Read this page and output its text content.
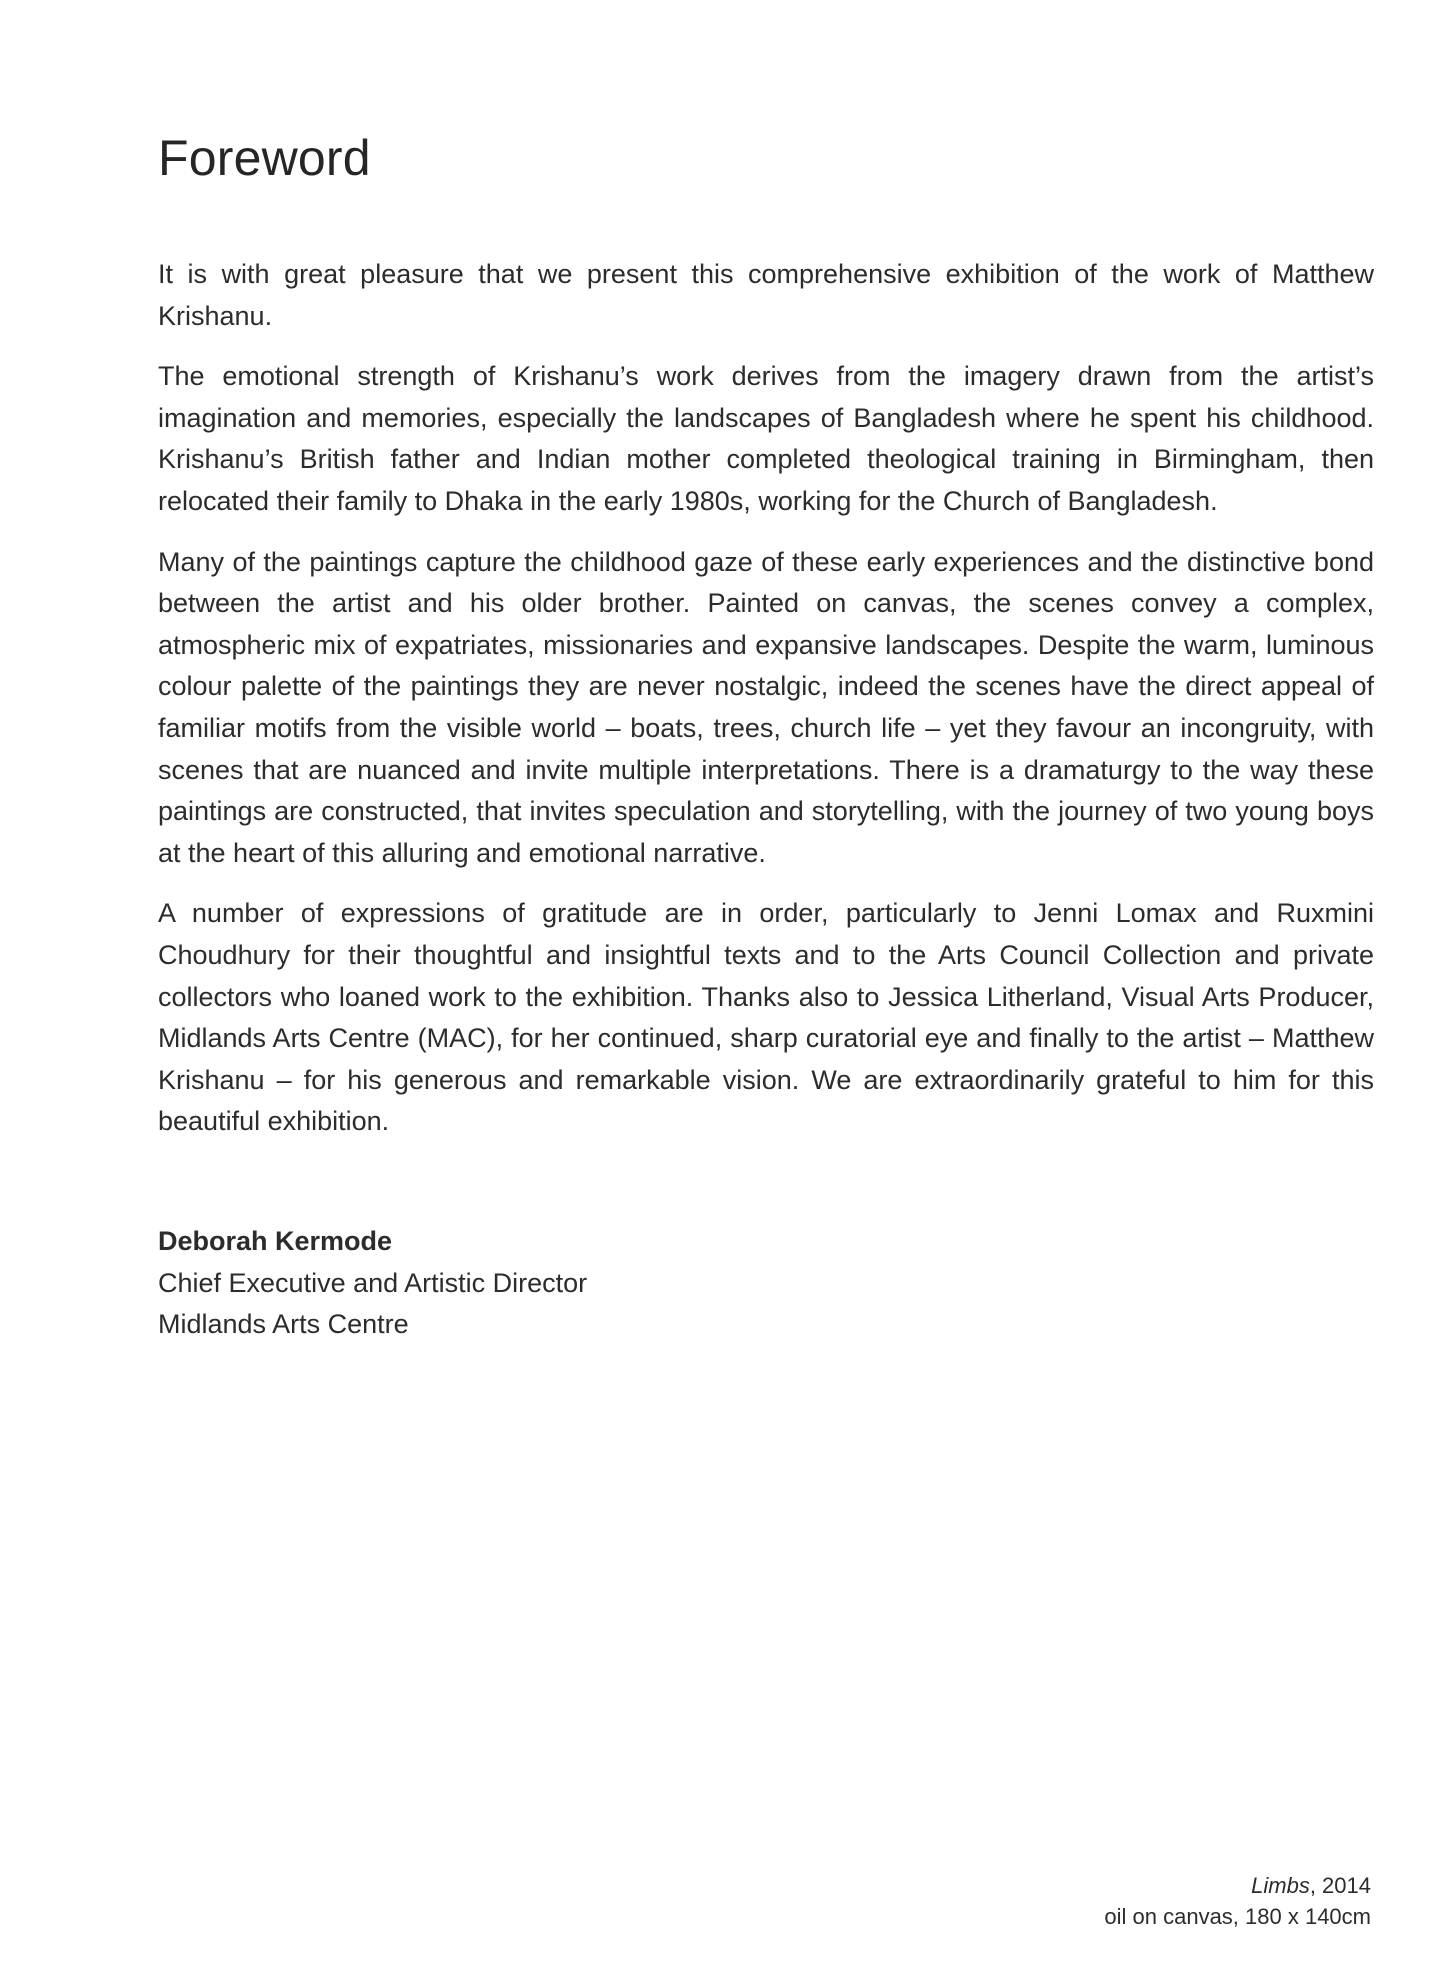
Foreword

It is with great pleasure that we present this comprehensive exhibition of the work of Matthew Krishanu.

The emotional strength of Krishanu’s work derives from the imagery drawn from the artist’s imagination and memories, especially the landscapes of Bangladesh where he spent his childhood. Krishanu’s British father and Indian mother completed theological training in Birmingham, then relocated their family to Dhaka in the early 1980s, working for the Church of Bangladesh.

Many of the paintings capture the childhood gaze of these early experiences and the distinctive bond between the artist and his older brother. Painted on canvas, the scenes convey a complex, atmospheric mix of expatriates, missionaries and expansive landscapes. Despite the warm, luminous colour palette of the paintings they are never nostalgic, indeed the scenes have the direct appeal of familiar motifs from the visible world – boats, trees, church life – yet they favour an incongruity, with scenes that are nuanced and invite multiple interpretations. There is a dramaturgy to the way these paintings are constructed, that invites speculation and storytelling, with the journey of two young boys at the heart of this alluring and emotional narrative.

A number of expressions of gratitude are in order, particularly to Jenni Lomax and Ruxmini Choudhury for their thoughtful and insightful texts and to the Arts Council Collection and private collectors who loaned work to the exhibition. Thanks also to Jessica Litherland, Visual Arts Producer, Midlands Arts Centre (MAC), for her continued, sharp curatorial eye and finally to the artist – Matthew Krishanu – for his generous and remarkable vision. We are extraordinarily grateful to him for this beautiful exhibition.

Deborah Kermode
Chief Executive and Artistic Director
Midlands Arts Centre
Limbs, 2014
oil on canvas, 180 x 140cm
